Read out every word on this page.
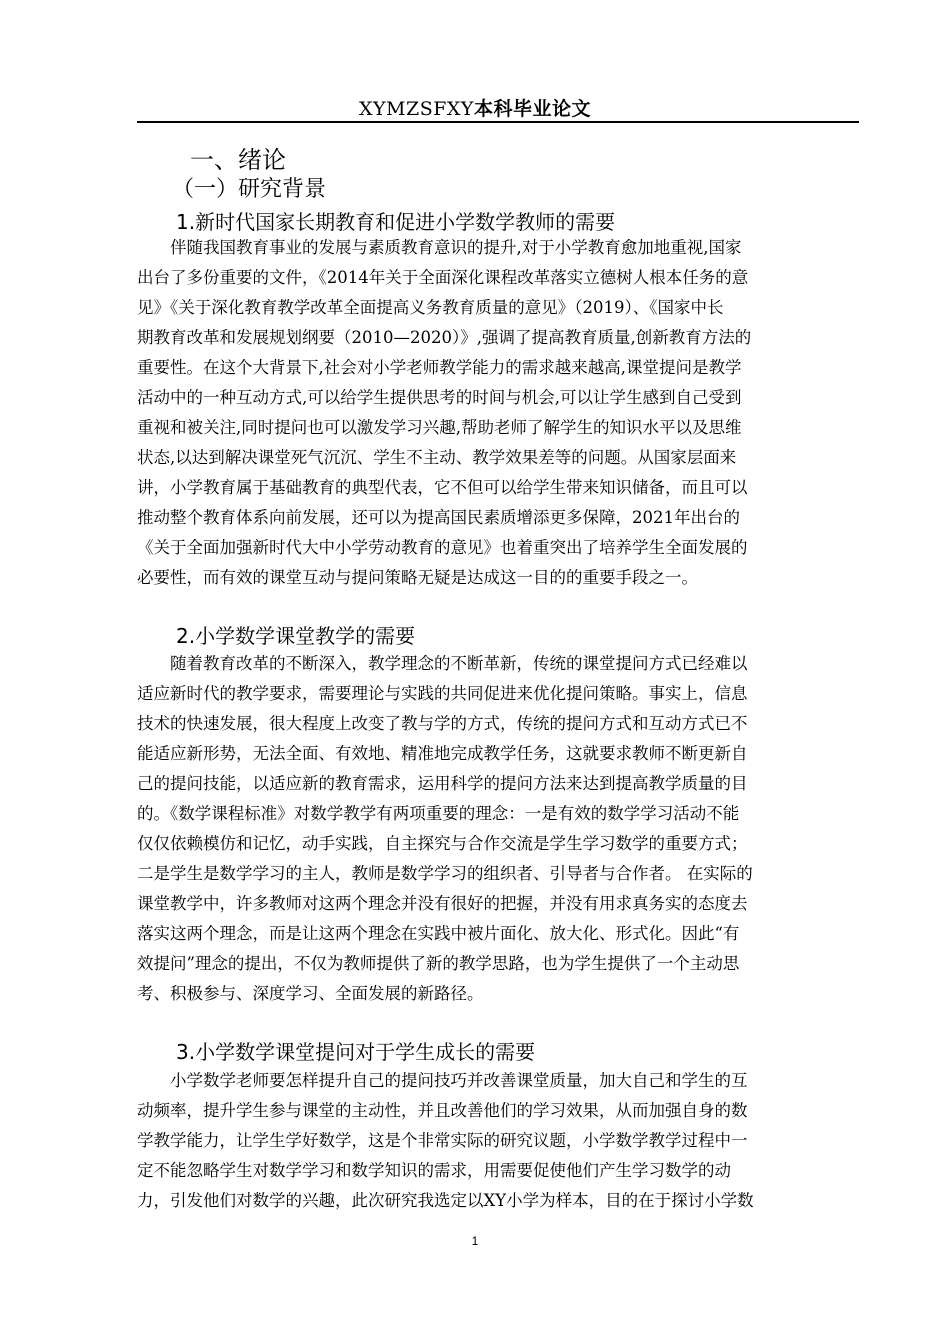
XYMZSFXY本科毕业论文
一、绪论
（一）研究背景
1.新时代国家长期教育和促进小学数学教师的需要
伴随我国教育事业的发展与素质教育意识的提升,对于小学教育愈加地重视,国家
出台了多份重要的文件，《2014年关于全面深化课程改革落实立德树人根本任务的意
见》《关于深化教育教学改革全面提高义务教育质量的意见》（2019）、《国家中长
期教育改革和发展规划纲要（2010—2020）》,强调了提高教育质量,创新教育方法的
重要性。在这个大背景下,社会对小学老师教学能力的需求越来越高,课堂提问是教学
活动中的一种互动方式,可以给学生提供思考的时间与机会,可以让学生感到自己受到
重视和被关注,同时提问也可以激发学习兴趣,帮助老师了解学生的知识水平以及思维
状态,以达到解决课堂死气沉沉、学生不主动、教学效果差等的问题。从国家层面来
讲，小学教育属于基础教育的典型代表，它不但可以给学生带来知识储备，而且可以
推动整个教育体系向前发展，还可以为提高国民素质增添更多保障，2021年出台的
《关于全面加强新时代大中小学劳动教育的意见》也着重突出了培养学生全面发展的
必要性，而有效的课堂互动与提问策略无疑是达成这一目的的重要手段之一。
2.小学数学课堂教学的需要
随着教育改革的不断深入，教学理念的不断革新，传统的课堂提问方式已经难以
适应新时代的教学要求，需要理论与实践的共同促进来优化提问策略。事实上，信息
技术的快速发展，很大程度上改变了教与学的方式，传统的提问方式和互动方式已不
能适应新形势，无法全面、有效地、精准地完成教学任务，这就要求教师不断更新自
己的提问技能，以适应新的教育需求，运用科学的提问方法来达到提高教学质量的目
的。《数学课程标准》对数学教学有两项重要的理念：一是有效的数学学习活动不能
仅仅依赖模仿和记忆，动手实践，自主探究与合作交流是学生学习数学的重要方式；
二是学生是数学学习的主人，教师是数学学习的组织者、引导者与合作者。 在实际的
课堂教学中，许多教师对这两个理念并没有很好的把握，并没有用求真务实的态度去
落实这两个理念，而是让这两个理念在实践中被片面化、放大化、形式化。因此“有
效提问”理念的提出，不仅为教师提供了新的教学思路，也为学生提供了一个主动思
考、积极参与、深度学习、全面发展的新路径。
3.小学数学课堂提问对于学生成长的需要
小学数学老师要怎样提升自己的提问技巧并改善课堂质量，加大自己和学生的互
动频率，提升学生参与课堂的主动性，并且改善他们的学习效果，从而加强自身的数
学教学能力，让学生学好数学，这是个非常实际的研究议题，小学数学教学过程中一
定不能忽略学生对数学学习和数学知识的需求，用需要促使他们产生学习数学的动
力，引发他们对数学的兴趣，此次研究我选定以XY小学为样本，目的在于探讨小学数
1
